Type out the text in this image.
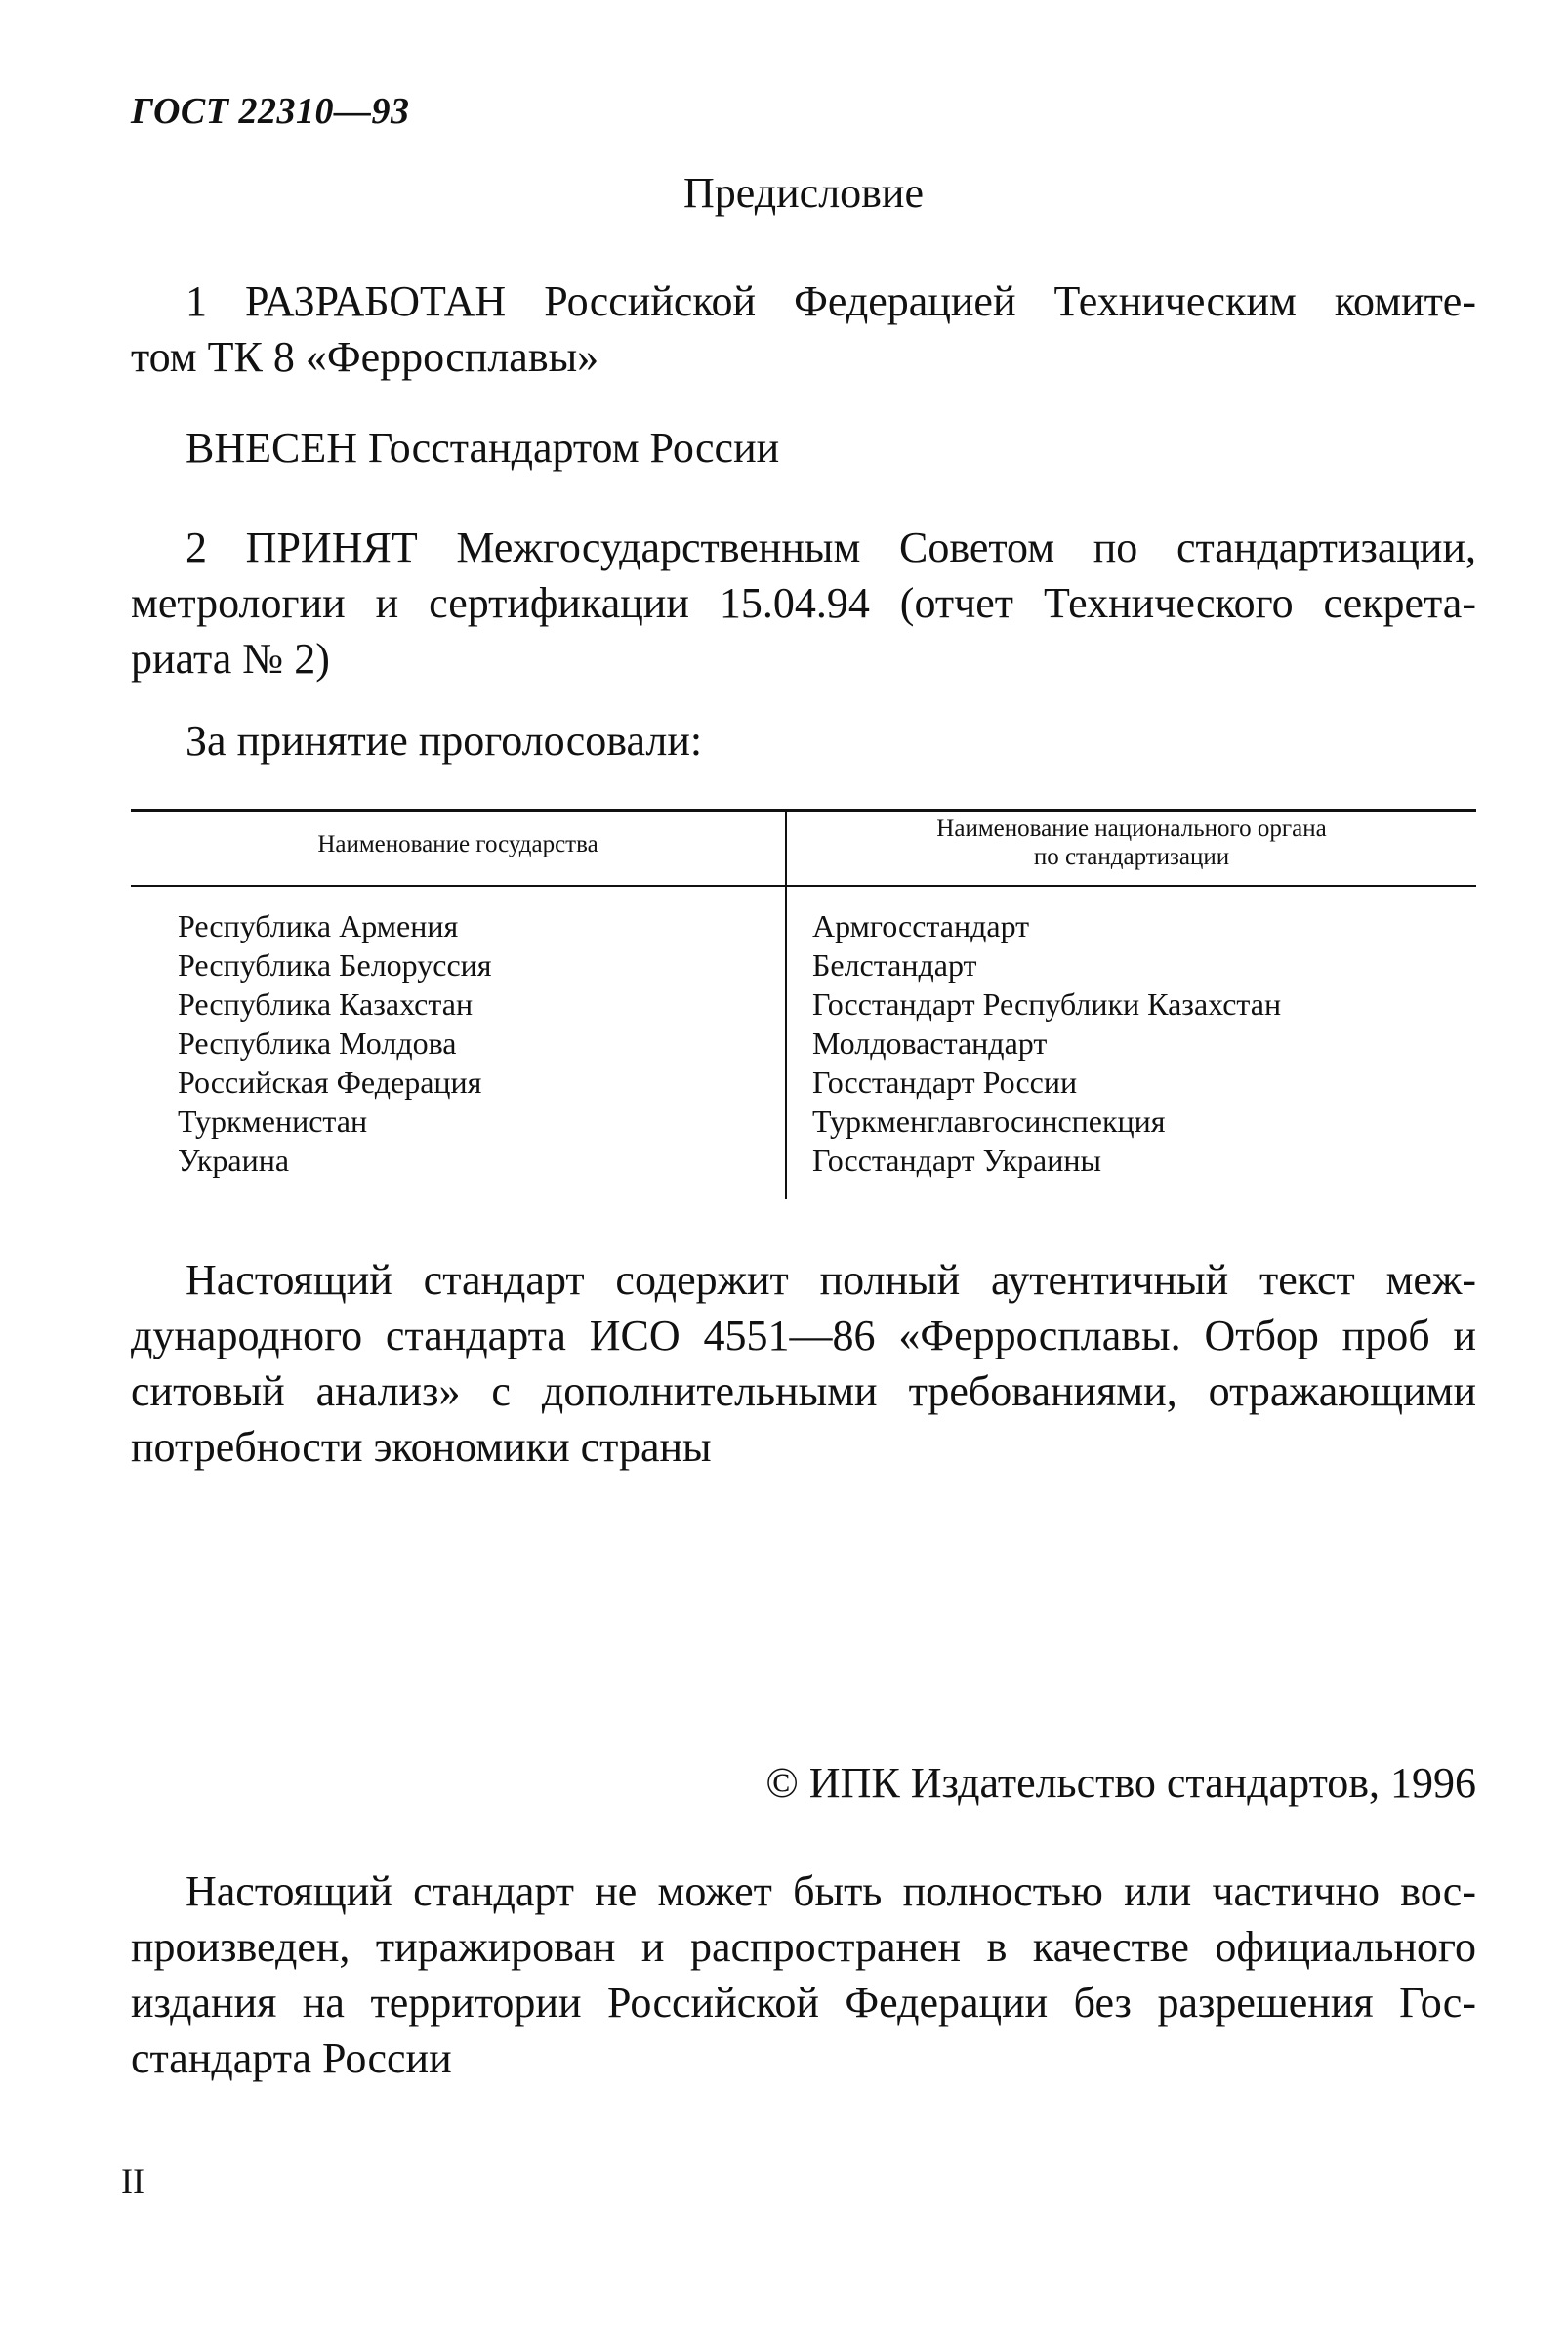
ГОСТ 22310—93
Предисловие
1 РАЗРАБОТАН Российской Федерацией Техническим комите-
том ТК 8 «Ферросплавы»
ВНЕСЕН Госстандартом России
2 ПРИНЯТ Межгосударственным Советом по стандартизации,
метрологии и сертификации 15.04.94 (отчет Технического секрета-
риата № 2)
За принятие проголосовали:
Наименование государства
Наименование национального органа
по стандартизации
Республика Армения
Республика Белоруссия
Республика Казахстан
Республика Молдова
Российская Федерация
Туркменистан
Украина
Армгосстандарт
Белстандарт
Госстандарт Республики Казахстан
Молдовастандарт
Госстандарт России
Туркменглавгосинспекция
Госстандарт Украины
Настоящий стандарт содержит полный аутентичный текст меж-
дународного стандарта ИСО 4551—86 «Ферросплавы. Отбор проб и
ситовый анализ» с дополнительными требованиями, отражающими
потребности экономики страны
© ИПК Издательство стандартов, 1996
Настоящий стандарт не может быть полностью или частично вос-
произведен, тиражирован и распространен в качестве официального
издания на территории Российской Федерации без разрешения Гос-
стандарта России
II
